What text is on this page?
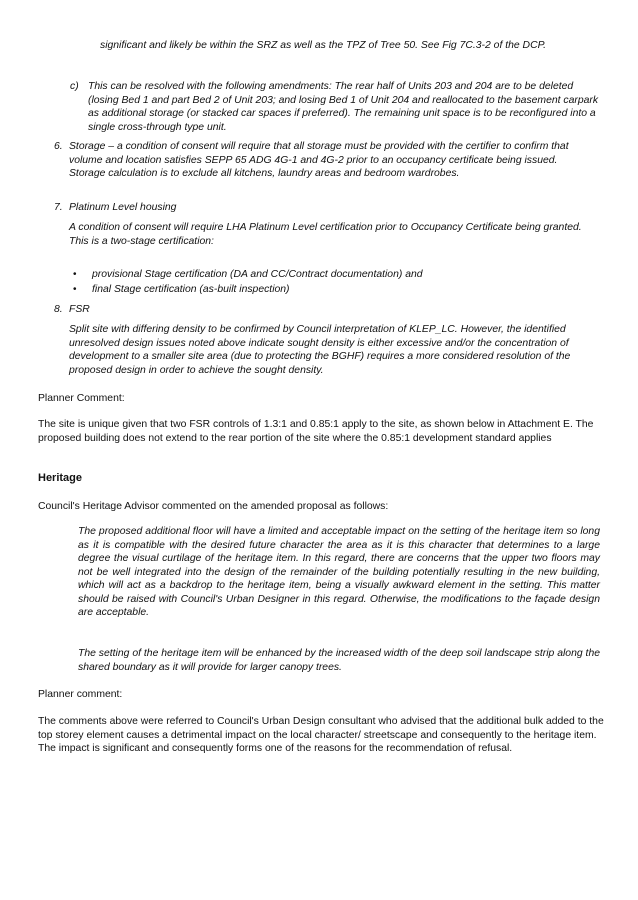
significant and likely be within the SRZ as well as the TPZ of Tree 50. See Fig 7C.3-2 of the DCP.

c) This can be resolved with the following amendments: The rear half of Units 203 and 204 are to be deleted (losing Bed 1 and part Bed 2 of Unit 203; and losing Bed 1 of Unit 204 and reallocated to the basement carpark as additional storage (or stacked car spaces if preferred). The remaining unit space is to be reconfigured into a single cross-through type unit.

6. Storage – a condition of consent will require that all storage must be provided with the certifier to confirm that volume and location satisfies SEPP 65 ADG 4G-1 and 4G-2 prior to an occupancy certificate being issued. Storage calculation is to exclude all kitchens, laundry areas and bedroom wardrobes.

7. Platinum Level housing

A condition of consent will require LHA Platinum Level certification prior to Occupancy Certificate being granted. This is a two-stage certification:

• provisional Stage certification (DA and CC/Contract documentation) and

• final Stage certification (as-built inspection)

8. FSR

Split site with differing density to be confirmed by Council interpretation of KLEP_LC. However, the identified unresolved design issues noted above indicate sought density is either excessive and/or the concentration of development to a smaller site area (due to protecting the BGHF) requires a more considered resolution of the proposed design in order to achieve the sought density.

Planner Comment:

The site is unique given that two FSR controls of 1.3:1 and 0.85:1 apply to the site, as shown below in Attachment E. The proposed building does not extend to the rear portion of the site where the 0.85:1 development standard applies

Heritage

Council's Heritage Advisor commented on the amended proposal as follows:

The proposed additional floor will have a limited and acceptable impact on the setting of the heritage item so long as it is compatible with the desired future character the area as it is this character that determines to a large degree the visual curtilage of the heritage item. In this regard, there are concerns that the upper two floors may not be well integrated into the design of the remainder of the building potentially resulting in the new building, which will act as a backdrop to the heritage item, being a visually awkward element in the setting. This matter should be raised with Council's Urban Designer in this regard. Otherwise, the modifications to the façade design are acceptable.

The setting of the heritage item will be enhanced by the increased width of the deep soil landscape strip along the shared boundary as it will provide for larger canopy trees.

Planner comment:

The comments above were referred to Council's Urban Design consultant who advised that the additional bulk added to the top storey element causes a detrimental impact on the local character/ streetscape and consequently to the heritage item. The impact is significant and consequently forms one of the reasons for the recommendation of refusal.
